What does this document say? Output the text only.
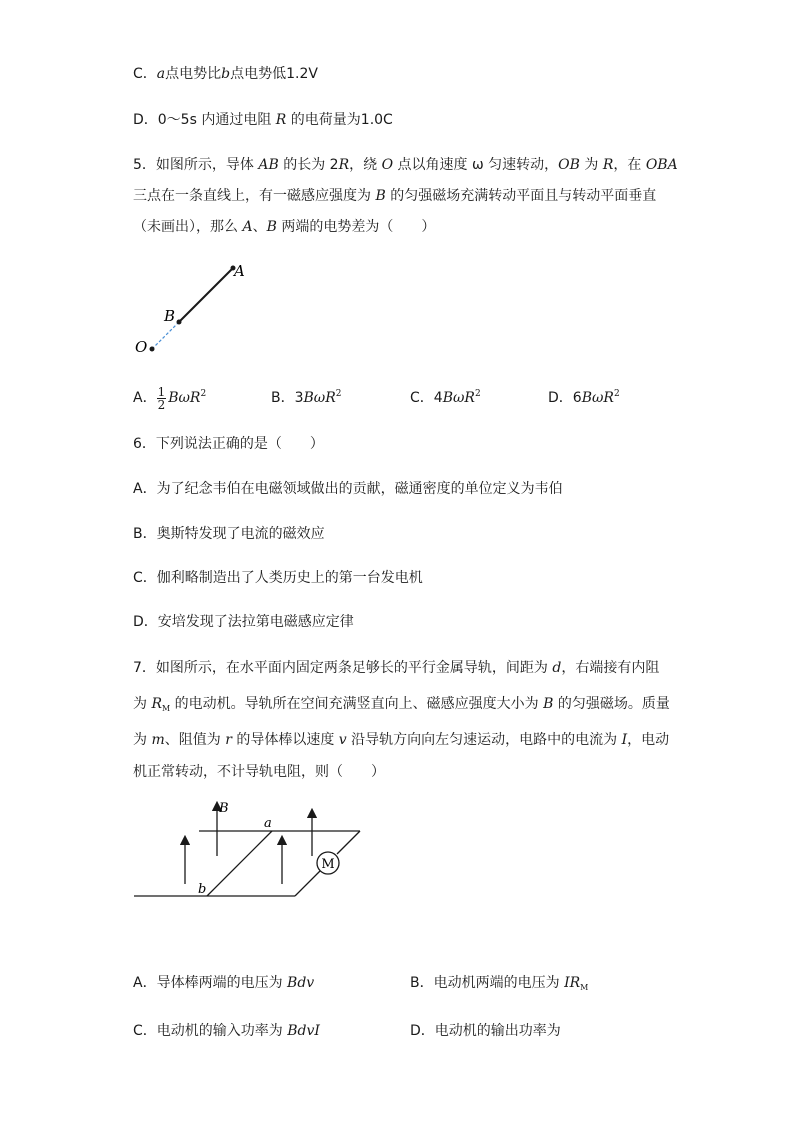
C．a点电势比b点电势低1.2V
D．0～5s 内通过电阻 R 的电荷量为1.0C
5．如图所示，导体 AB 的长为 2R，绕 O 点以角速度 ω 匀速转动，OB 为 R，在 OBA
三点在一条直线上，有一磁感应强度为 B 的匀强磁场充满转动平面且与转动平面垂直
（未画出），那么 A、B 两端的电势差为（　　）
A
B
O
A． $\frac{1}{2} B\omega R^2$	B．3BωR$^2$	C．4BωR$^2$	D．6BωR$^2$
6．下列说法正确的是（　　）
A．为了纪念韦伯在电磁领域做出的贡献，磁通密度的单位定义为韦伯
B．奥斯特发现了电流的磁效应
C．伽利略制造出了人类历史上的第一台发电机
D．安培发现了法拉第电磁感应定律
7．如图所示，在水平面内固定两条足够长的平行金属导轨，间距为 d，右端接有内阻
为 $R_M$ 的电动机。导轨所在空间充满竖直向上、磁感应强度大小为 B 的匀强磁场。质量
为 m、阻值为 r 的导体棒以速度 v 沿导轨方向向左匀速运动，电路中的电流为 I，电动
机正常转动，不计导轨电阻，则（　　）
M
B
a
b
A．导体棒两端的电压为 Bdv	B．电动机两端的电压为 $IR_M$
C．电动机的输入功率为 BdvI	D．电动机的输出功率为
